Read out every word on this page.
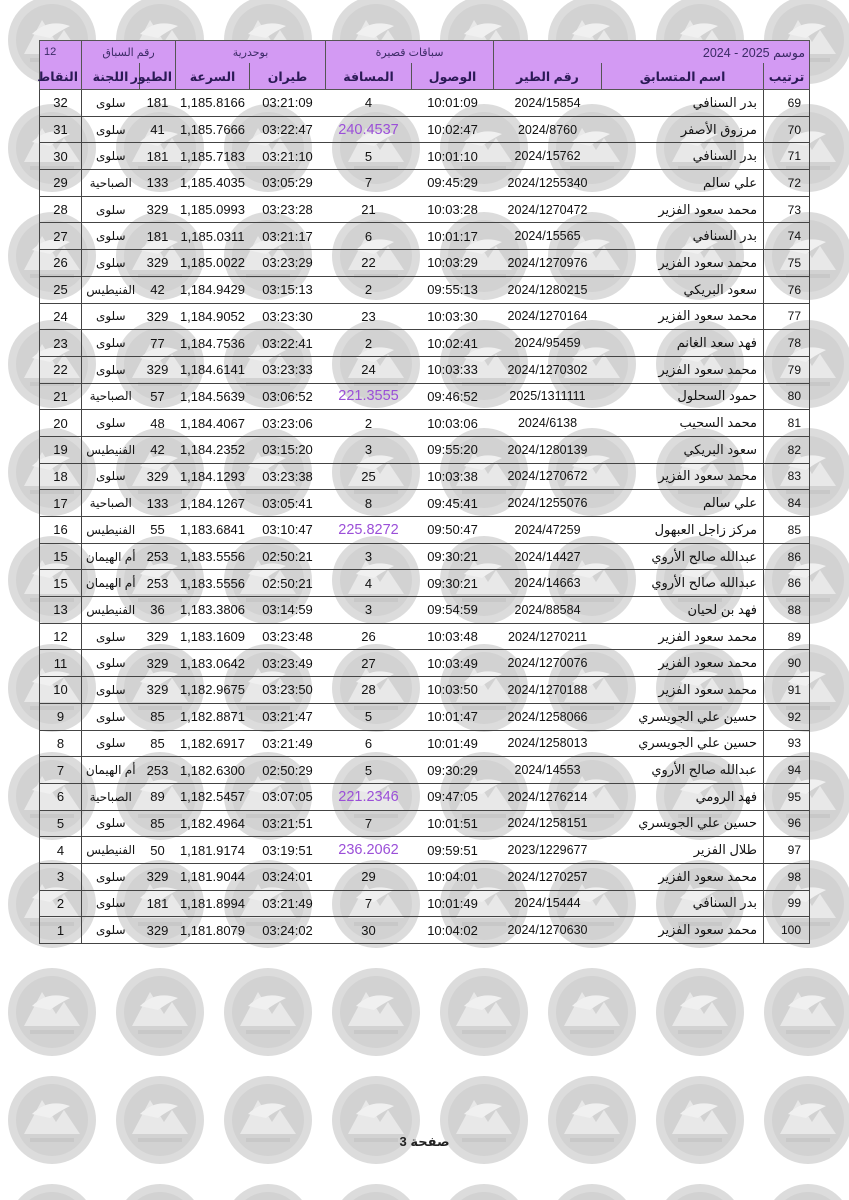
موسم 2025 - 2024			سباقات قصيرة		بوحدرية		رقم السباق		12
ترتيب	اسم المتسابق	رقم الطير	الوصول	المسافة	طيران	السرعة	الطيور	اللجنة	النقاط
69	بدر السنافي	2024/15854	10:01:09	4	03:21:09	1,185.8166	181	سلوى	32
70	مرزوق الأصفر	2024/8760	10:02:47	240.4537	03:22:47	1,185.7666	41	سلوى	31
71	بدر السنافي	2024/15762	10:01:10	5	03:21:10	1,185.7183	181	سلوى	30
72	علي سالم	2024/1255340	09:45:29	7	03:05:29	1,185.4035	133	الصباحية	29
73	محمد سعود الفزير	2024/1270472	10:03:28	21	03:23:28	1,185.0993	329	سلوى	28
74	بدر السنافي	2024/15565	10:01:17	6	03:21:17	1,185.0311	181	سلوى	27
75	محمد سعود الفزير	2024/1270976	10:03:29	22	03:23:29	1,185.0022	329	سلوى	26
76	سعود البريكي	2024/1280215	09:55:13	2	03:15:13	1,184.9429	42	الفنيطيس	25
77	محمد سعود الفزير	2024/1270164	10:03:30	23	03:23:30	1,184.9052	329	سلوى	24
78	فهد سعد الغانم	2024/95459	10:02:41	2	03:22:41	1,184.7536	77	سلوى	23
79	محمد سعود الفزير	2024/1270302	10:03:33	24	03:23:33	1,184.6141	329	سلوى	22
80	حمود السحلول	2025/1311111	09:46:52	221.3555	03:06:52	1,184.5639	57	الصباحية	21
81	محمد السحيب	2024/6138	10:03:06	2	03:23:06	1,184.4067	48	سلوى	20
82	سعود البريكي	2024/1280139	09:55:20	3	03:15:20	1,184.2352	42	الفنيطيس	19
83	محمد سعود الفزير	2024/1270672	10:03:38	25	03:23:38	1,184.1293	329	سلوى	18
84	علي سالم	2024/1255076	09:45:41	8	03:05:41	1,184.1267	133	الصباحية	17
85	مركز زاجل العبهول	2024/47259	09:50:47	225.8272	03:10:47	1,183.6841	55	الفنيطيس	16
86	عبدالله صالح الأروي	2024/14427	09:30:21	3	02:50:21	1,183.5556	253	أم الهيمان	15
86	عبدالله صالح الأروي	2024/14663	09:30:21	4	02:50:21	1,183.5556	253	أم الهيمان	15
88	فهد بن لحيان	2024/88584	09:54:59	3	03:14:59	1,183.3806	36	الفنيطيس	13
89	محمد سعود الفزير	2024/1270211	10:03:48	26	03:23:48	1,183.1609	329	سلوى	12
90	محمد سعود الفزير	2024/1270076	10:03:49	27	03:23:49	1,183.0642	329	سلوى	11
91	محمد سعود الفزير	2024/1270188	10:03:50	28	03:23:50	1,182.9675	329	سلوى	10
92	حسين علي الجويسري	2024/1258066	10:01:47	5	03:21:47	1,182.8871	85	سلوى	9
93	حسين علي الجويسري	2024/1258013	10:01:49	6	03:21:49	1,182.6917	85	سلوى	8
94	عبدالله صالح الأروي	2024/14553	09:30:29	5	02:50:29	1,182.6300	253	أم الهيمان	7
95	فهد الرومي	2024/1276214	09:47:05	221.2346	03:07:05	1,182.5457	89	الصباحية	6
96	حسين علي الجويسري	2024/1258151	10:01:51	7	03:21:51	1,182.4964	85	سلوى	5
97	طلال الفزير	2023/1229677	09:59:51	236.2062	03:19:51	1,181.9174	50	الفنيطيس	4
98	محمد سعود الفزير	2024/1270257	10:04:01	29	03:24:01	1,181.9044	329	سلوى	3
99	بدر السنافي	2024/15444	10:01:49	7	03:21:49	1,181.8994	181	سلوى	2
100	محمد سعود الفزير	2024/1270630	10:04:02	30	03:24:02	1,181.8079	329	سلوى	1
صفحة 3
